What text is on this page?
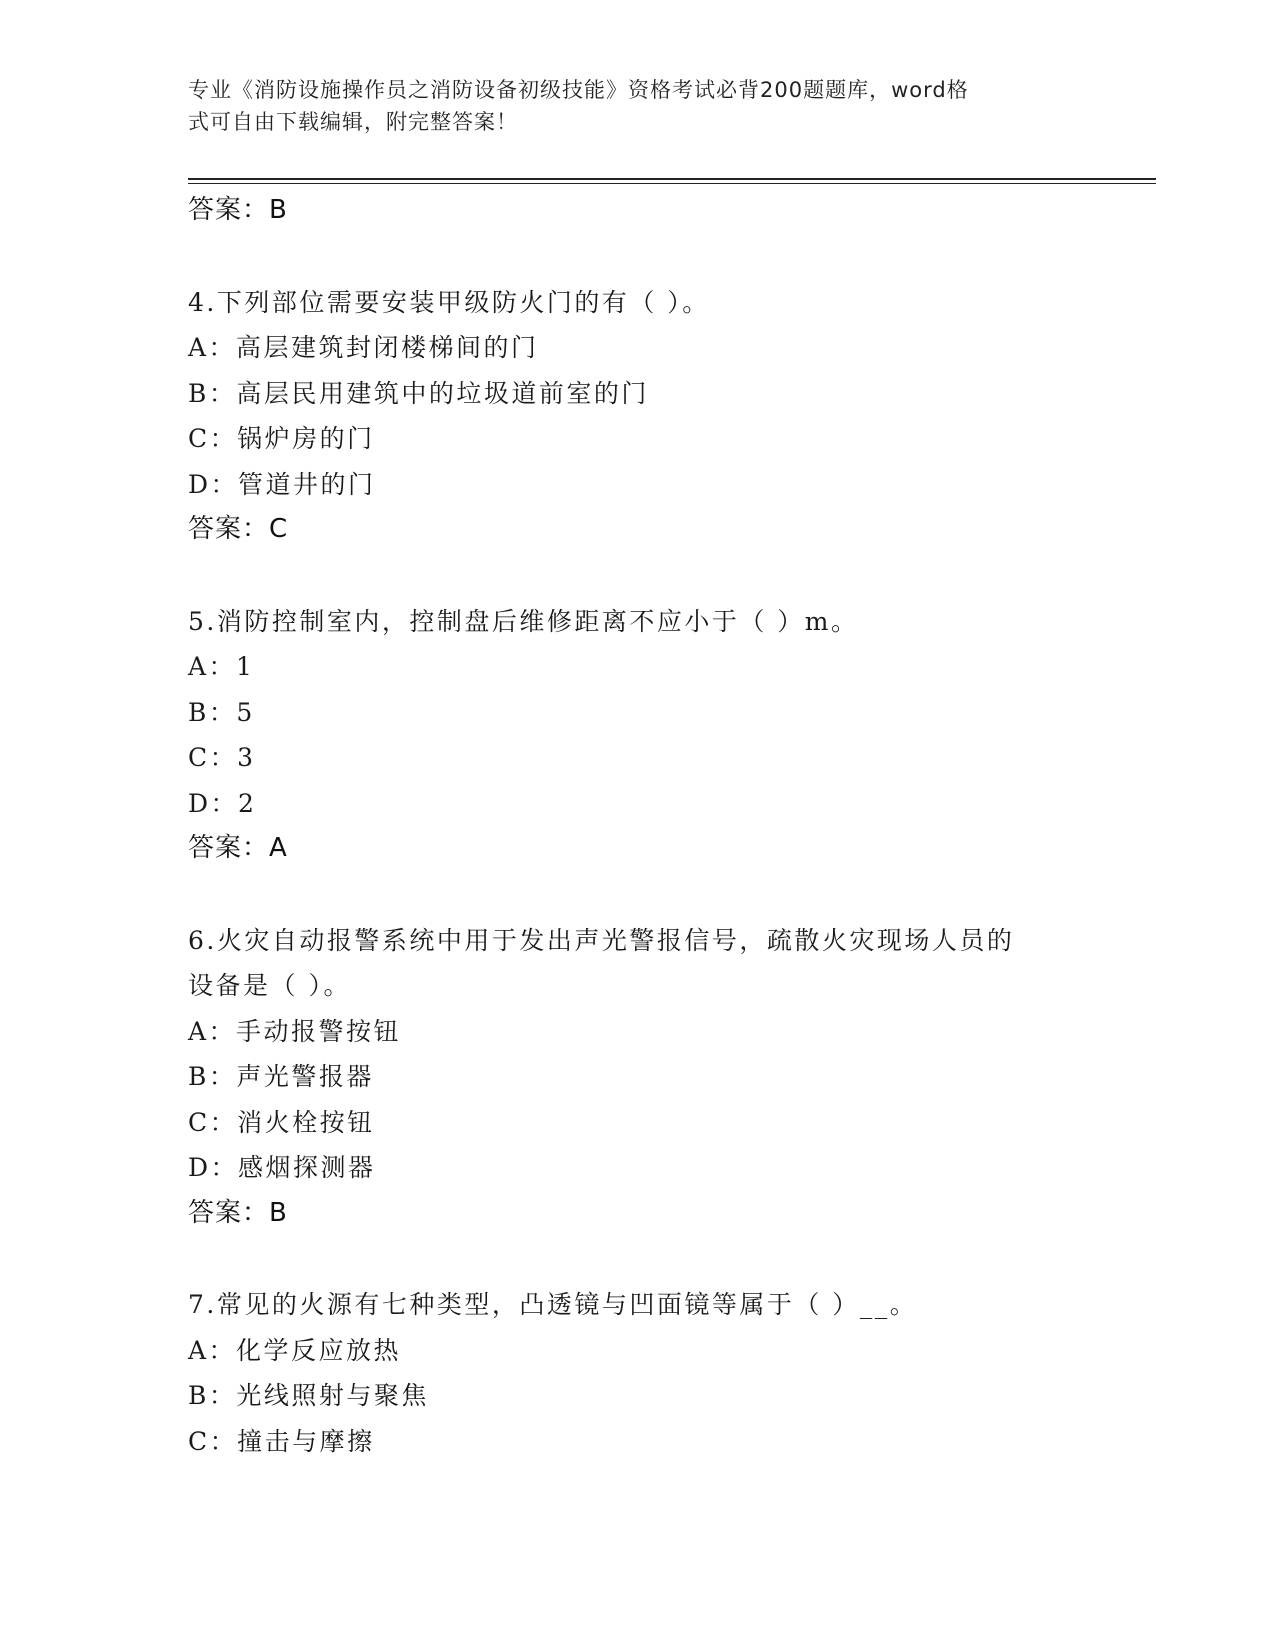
专业《消防设施操作员之消防设备初级技能》资格考试必背200题题库，word格
式可自由下载编辑，附完整答案！
答案：B
4.下列部位需要安装甲级防火门的有（ ）。
A：高层建筑封闭楼梯间的门
B：高层民用建筑中的垃圾道前室的门
C：锅炉房的门
D：管道井的门
答案：C
5.消防控制室内，控制盘后维修距离不应小于（ ）m。
A：1
B：5
C：3
D：2
答案：A
6.火灾自动报警系统中用于发出声光警报信号，疏散火灾现场人员的
设备是（ ）。
A：手动报警按钮
B：声光警报器
C：消火栓按钮
D：感烟探测器
答案：B
7.常见的火源有七种类型，凸透镜与凹面镜等属于（ ）__。
A：化学反应放热
B：光线照射与聚焦
C：撞击与摩擦
